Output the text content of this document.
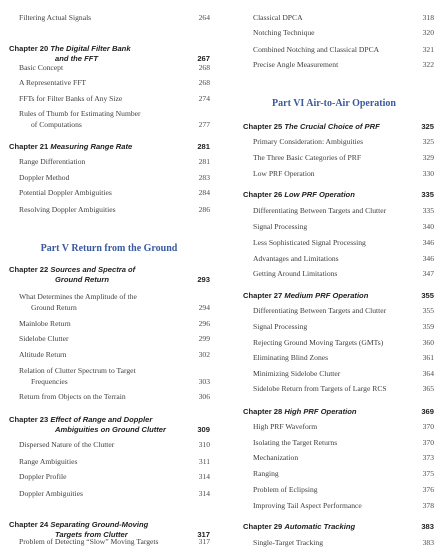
Filtering Actual Signals	264
Chapter 20 The Digital Filter Bank
and the FFT	267
Basic Concept	268
A Representative FFT	268
FFTs for Filter Banks of Any Size	274
Rules of Thumb for Estimating Number
of Computations	277
Chapter 21 Measuring Range Rate	281
Range Differentiation	281
Doppler Method	283
Potential Doppler Ambiguities	284
Resolving Doppler Ambiguities	286
Part V Return from the Ground
Chapter 22 Sources and Spectra of
Ground Return	293
What Determines the Amplitude of the
Ground Return	294
Mainlobe Return	296
Sidelobe Clutter	299
Altitude Return	302
Relation of Clutter Spectrum to Target
Frequencies	303
Return from Objects on the Terrain	306
Chapter 23 Effect of Range and Doppler
Ambiguities on Ground Clutter	309
Dispersed Nature of the Clutter	310
Range Ambiguities	311
Doppler Profile	314
Doppler Ambiguities	314
Chapter 24 Separating Ground-Moving
Targets from Clutter	317
Problem of Detecting “Slow” Moving Targets	317
Classical DPCA	318
Notching Technique	320
Combined Notching and Classical DPCA	321
Precise Angle Measurement	322
Part VI Air-to-Air Operation
Chapter 25 The Crucial Choice of PRF	325
Primary Consideration: Ambiguities	325
The Three Basic Categories of PRF	329
Low PRF Operation	330
Chapter 26 Low PRF Operation	335
Differentiating Between Targets and Clutter	335
Signal Processing	340
Less Sophisticated Signal Processing	346
Advantages and Limitations	346
Getting Around Limitations	347
Chapter 27 Medium PRF Operation	355
Differentiating Between Targets and Clutter	355
Signal Processing	359
Rejecting Ground Moving Targets (GMTs)	360
Eliminating Blind Zones	361
Minimizing Sidelobe Clutter	364
Sidelobe Return from Targets of Large RCS	365
Chapter 28 High PRF Operation	369
High PRF Waveform	370
Isolating the Target Returns	370
Mechanization	373
Ranging	375
Problem of Eclipsing	376
Improving Tail Aspect Performance	378
Chapter 29 Automatic Tracking	383
Single-Target Tracking	383
